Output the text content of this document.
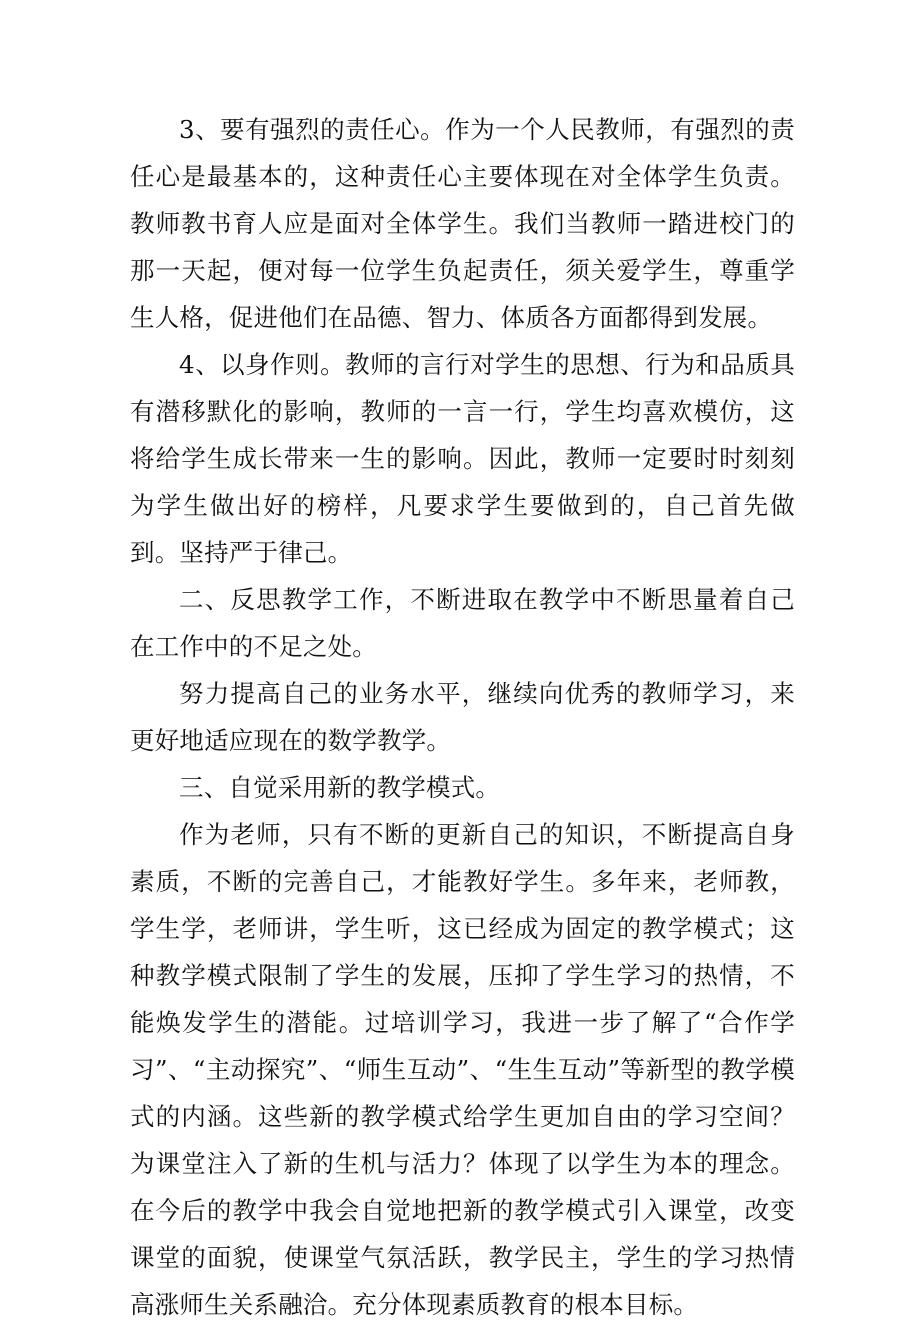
3、要有强烈的责任心。作为一个人民教师，有强烈的责任心是最基本的，这种责任心主要体现在对全体学生负责。教师教书育人应是面对全体学生。我们当教师一踏进校门的那一天起，便对每一位学生负起责任，须关爱学生，尊重学生人格，促进他们在品德、智力、体质各方面都得到发展。

4、以身作则。教师的言行对学生的思想、行为和品质具有潜移默化的影响，教师的一言一行，学生均喜欢模仿，这将给学生成长带来一生的影响。因此，教师一定要时时刻刻为学生做出好的榜样，凡要求学生要做到的，自己首先做到。坚持严于律己。

二、反思教学工作，不断进取在教学中不断思量着自己在工作中的不足之处。

努力提高自己的业务水平，继续向优秀的教师学习，来更好地适应现在的数学教学。

三、自觉采用新的教学模式。

作为老师，只有不断的更新自己的知识，不断提高自身素质，不断的完善自己，才能教好学生。多年来，老师教，学生学，老师讲，学生听，这已经成为固定的教学模式；这种教学模式限制了学生的发展，压抑了学生学习的热情，不能焕发学生的潜能。过培训学习，我进一步了解了“合作学习”、“主动探究”、“师生互动”、“生生互动”等新型的教学模式的内涵。这些新的教学模式给学生更加自由的学习空间？为课堂注入了新的生机与活力？体现了以学生为本的理念。在今后的教学中我会自觉地把新的教学模式引入课堂，改变课堂的面貌，使课堂气氛活跃，教学民主，学生的学习热情高涨师生关系融洽。充分体现素质教育的根本目标。
